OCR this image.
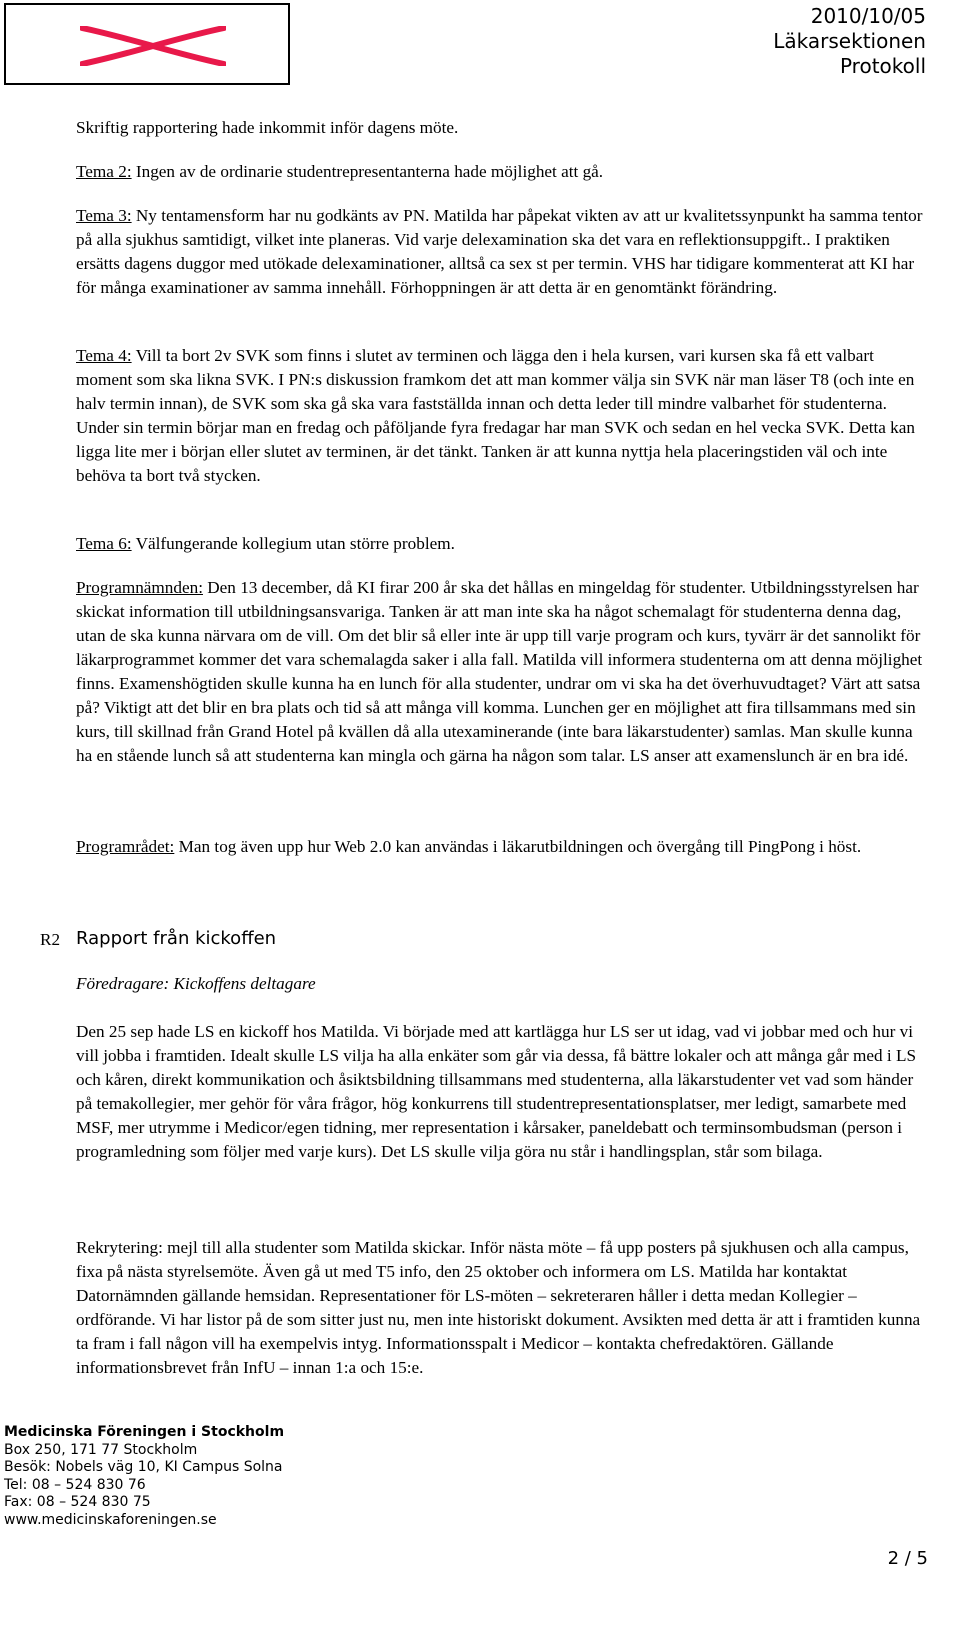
2010/10/05
Läkarsektionen
Protokoll

Skriftig rapportering hade inkommit inför dagens möte.

Tema 2: Ingen av de ordinarie studentrepresentanterna hade möjlighet att gå.

Tema 3: Ny tentamensform har nu godkänts av PN. Matilda har påpekat vikten av att ur kvalitetssynpunkt ha samma tentor på alla sjukhus samtidigt, vilket inte planeras. Vid varje delexamination ska det vara en reflektionsuppgift.. I praktiken ersätts dagens duggor med utökade delexaminationer, alltså ca sex st per termin. VHS har tidigare kommenterat att KI har för många examinationer av samma innehåll. Förhoppningen är att detta är en genomtänkt förändring.

Tema 4: Vill ta bort 2v SVK som finns i slutet av terminen och lägga den i hela kursen, vari kursen ska få ett valbart moment som ska likna SVK. I PN:s diskussion framkom det att man kommer välja sin SVK när man läser T8 (och inte en halv termin innan), de SVK som ska gå ska vara fastställda innan och detta leder till mindre valbarhet för studenterna. Under sin termin börjar man en fredag och påföljande fyra fredagar har man SVK och sedan en hel vecka SVK. Detta kan ligga lite mer i början eller slutet av terminen, är det tänkt. Tanken är att kunna nyttja hela placeringstiden väl och inte behöva ta bort två stycken.

Tema 6: Välfungerande kollegium utan större problem.

Programnämnden: Den 13 december, då KI firar 200 år ska det hållas en mingeldag för studenter. Utbildningsstyrelsen har skickat information till utbildningsansvariga. Tanken är att man inte ska ha något schemalagt för studenterna denna dag, utan de ska kunna närvara om de vill. Om det blir så eller inte är upp till varje program och kurs, tyvärr är det sannolikt för läkarprogrammet kommer det vara schemalagda saker i alla fall. Matilda vill informera studenterna om att denna möjlighet finns. Examenshögtiden skulle kunna ha en lunch för alla studenter, undrar om vi ska ha det överhuvudtaget? Värt att satsa på? Viktigt att det blir en bra plats och tid så att många vill komma. Lunchen ger en möjlighet att fira tillsammans med sin kurs, till skillnad från Grand Hotel på kvällen då alla utexaminerande (inte bara läkarstudenter) samlas. Man skulle kunna ha en stående lunch så att studenterna kan mingla och gärna ha någon som talar. LS anser att examenslunch är en bra idé.

Programrådet: Man tog även upp hur Web 2.0 kan användas i läkarutbildningen och övergång till PingPong i höst.

R2 Rapport från kickoffen
Föredragare: Kickoffens deltagare

Den 25 sep hade LS en kickoff hos Matilda. Vi började med att kartlägga hur LS ser ut idag, vad vi jobbar med och hur vi vill jobba i framtiden. Idealt skulle LS vilja ha alla enkäter som går via dessa, få bättre lokaler och att många går med i LS och kåren, direkt kommunikation och åsiktsbildning tillsammans med studenterna, alla läkarstudenter vet vad som händer på temakollegier, mer gehör för våra frågor, hög konkurrens till studentrepresentationsplatser, mer ledigt, samarbete med MSF, mer utrymme i Medicor/egen tidning, mer representation i kårsaker, paneldebatt och terminsombudsman (person i programledning som följer med varje kurs). Det LS skulle vilja göra nu står i handlingsplan, står som bilaga.

Rekrytering: mejl till alla studenter som Matilda skickar. Inför nästa möte – få upp posters på sjukhusen och alla campus, fixa på nästa styrelsemöte. Även gå ut med T5 info, den 25 oktober och informera om LS. Matilda har kontaktat Datornämnden gällande hemsidan. Representationer för LS-möten – sekreteraren håller i detta medan Kollegier – ordförande. Vi har listor på de som sitter just nu, men inte historiskt dokument. Avsikten med detta är att i framtiden kunna ta fram i fall någon vill ha exempelvis intyg. Informationsspalt i Medicor – kontakta chefredaktören. Gällande informationsbrevet från InfU – innan 1:a och 15:e.

Medicinska Föreningen i Stockholm
Box 250, 171 77 Stockholm
Besök: Nobels väg 10, KI Campus Solna
Tel: 08 – 524 830 76
Fax: 08 – 524 830 75
www.medicinskaforeningen.se
2 / 5
